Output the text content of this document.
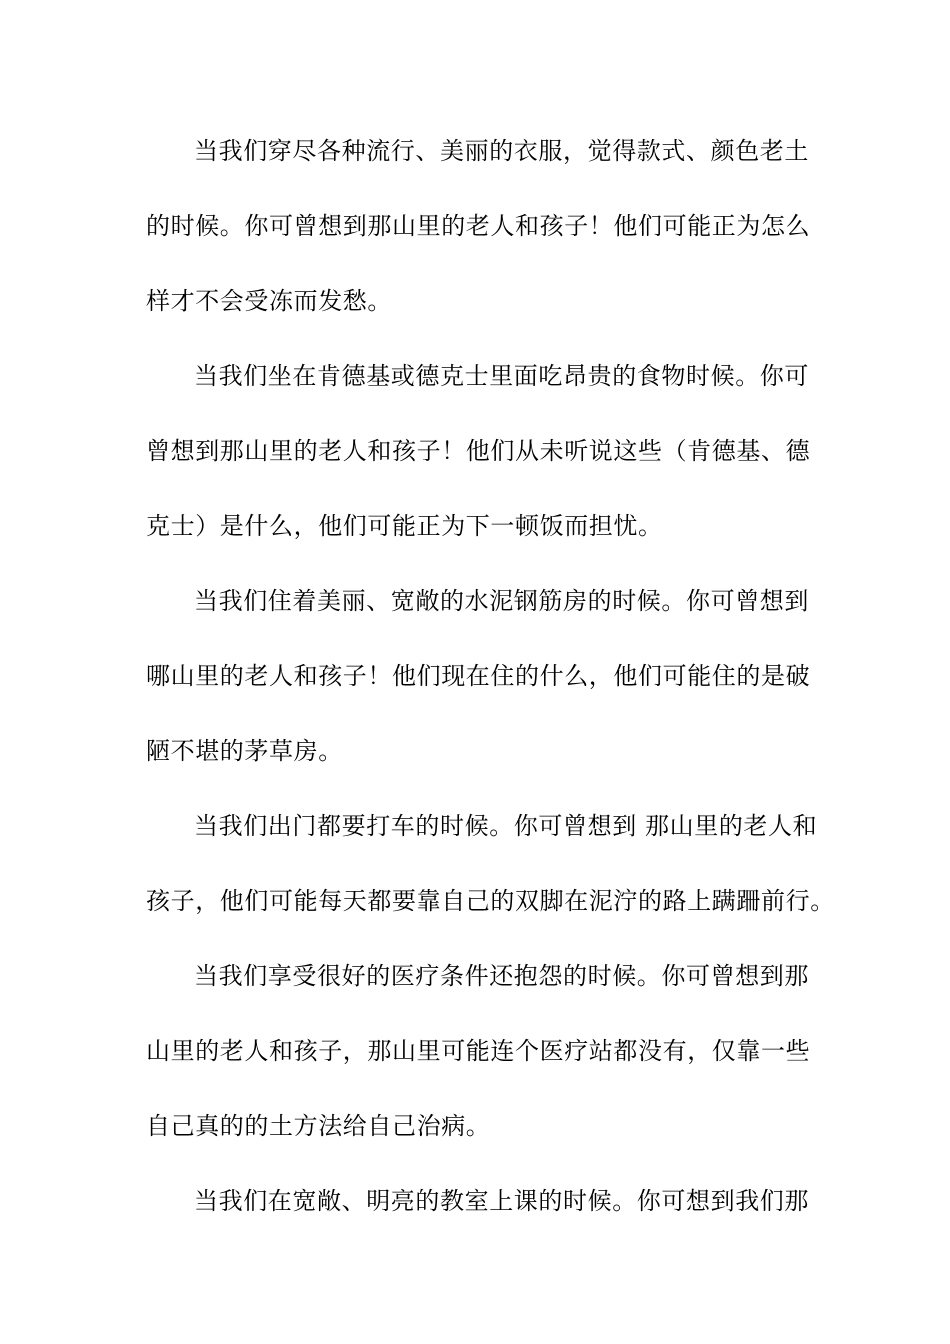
当我们穿尽各种流行、美丽的衣服，觉得款式、颜色老土
的时候。你可曾想到那山里的老人和孩子！他们可能正为怎么
样才不会受冻而发愁。
当我们坐在肯德基或德克士里面吃昂贵的食物时候。你可
曾想到那山里的老人和孩子！他们从未听说这些（肯德基、德
克士）是什么，他们可能正为下一顿饭而担忧。
当我们住着美丽、宽敞的水泥钢筋房的时候。你可曾想到
哪山里的老人和孩子！他们现在住的什么，他们可能住的是破
陋不堪的茅草房。
当我们出门都要打车的时候。你可曾想到 那山里的老人和
孩子，他们可能每天都要靠自己的双脚在泥泞的路上蹒跚前行。
当我们享受很好的医疗条件还抱怨的时候。你可曾想到那
山里的老人和孩子，那山里可能连个医疗站都没有，仅靠一些
自己真的的土方法给自己治病。
当我们在宽敞、明亮的教室上课的时候。你可想到我们那
